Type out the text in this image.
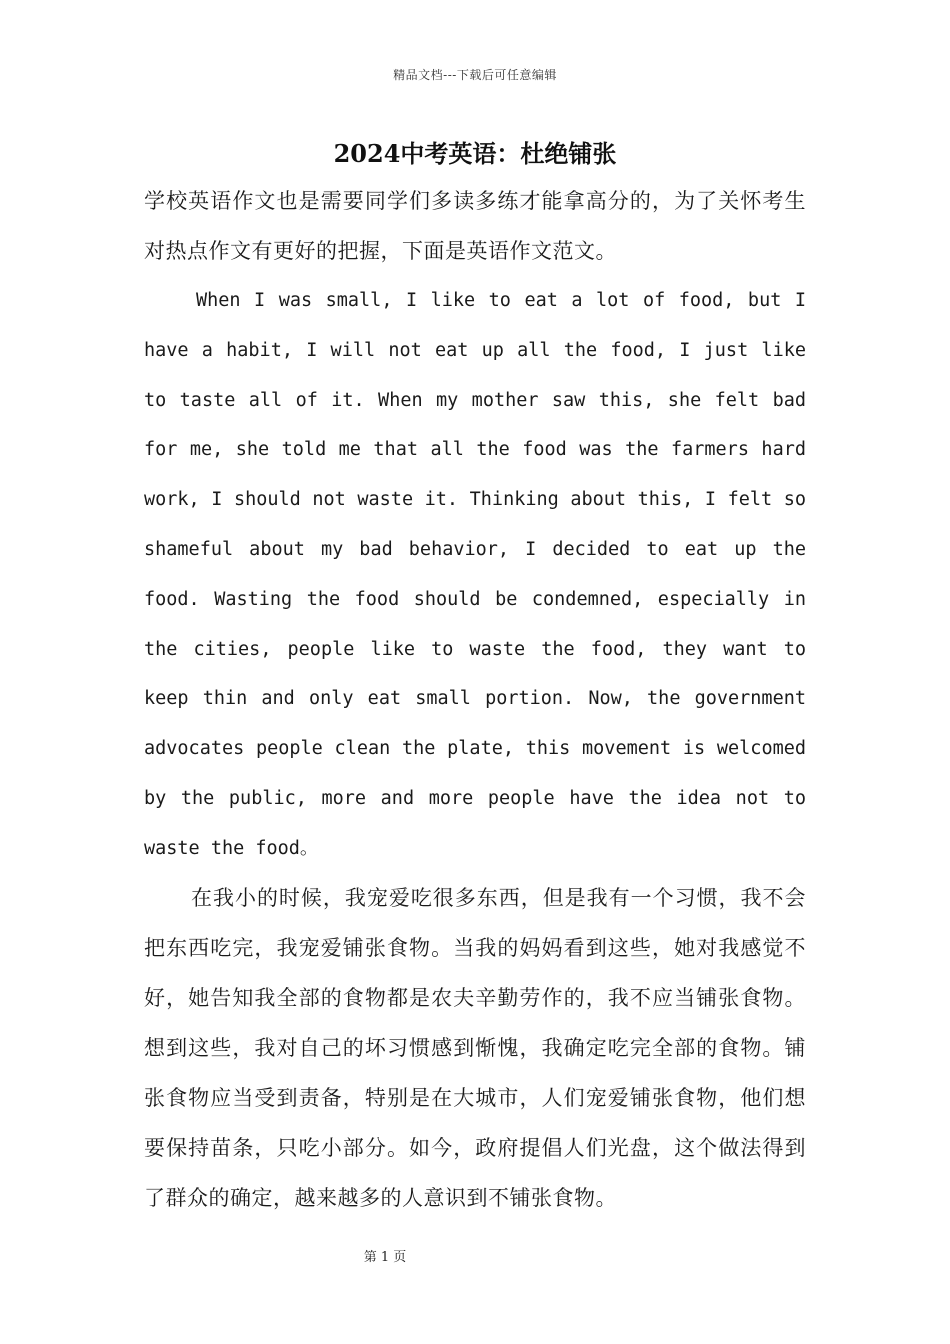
精品文档---下载后可任意编辑
2024中考英语：杜绝铺张

学校英语作文也是需要同学们多读多练才能拿高分的，为了关怀考生对热点作文有更好的把握，下面是英语作文范文。

When I was small, I like to eat a lot of food, but I have a habit, I will not eat up all the food, I just like to taste all of it. When my mother saw this, she felt bad for me, she told me that all the food was the farmers hard work, I should not waste it. Thinking about this, I felt so shameful about my bad behavior, I decided to eat up the food. Wasting the food should be condemned, especially in the cities, people like to waste the food, they want to keep thin and only eat small portion. Now, the government advocates people clean the plate, this movement is welcomed by the public, more and more people have the idea not to waste the food。

在我小的时候，我宠爱吃很多东西，但是我有一个习惯，我不会把东西吃完，我宠爱铺张食物。当我的妈妈看到这些，她对我感觉不好，她告知我全部的食物都是农夫辛勤劳作的，我不应当铺张食物。想到这些，我对自己的坏习惯感到惭愧，我确定吃完全部的食物。铺张食物应当受到责备，特别是在大城市，人们宠爱铺张食物，他们想要保持苗条，只吃小部分。如今，政府提倡人们光盘，这个做法得到了群众的确定，越来越多的人意识到不铺张食物。

第 1 页
